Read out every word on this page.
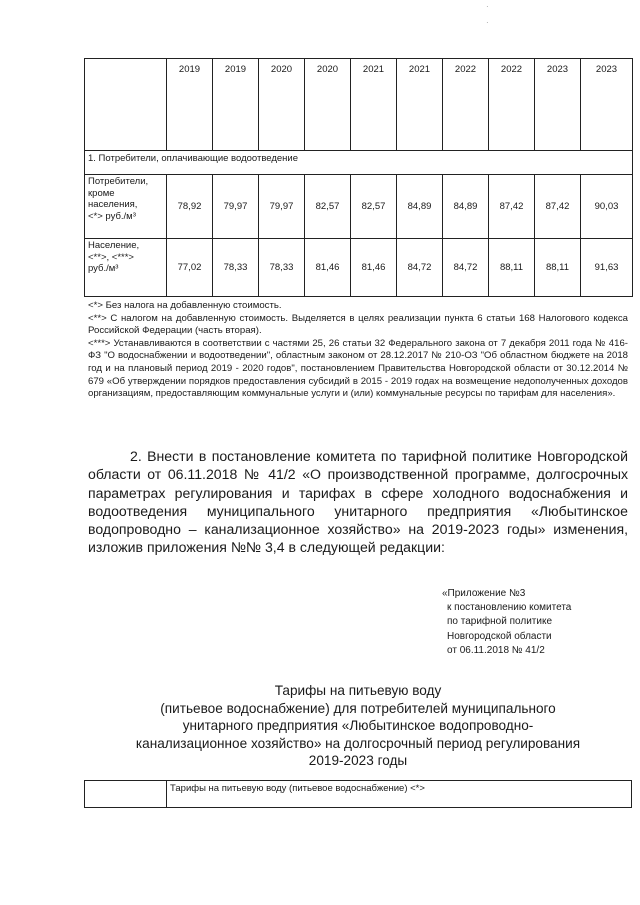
·
·
	2019	2019	2020	2020	2021	2021	2022	2022	2023	2023
1. Потребители, оплачивающие водоотведение										

Потребители,
кроме
населения,
<*> руб./м³	78,92	79,97	79,97	82,57	82,57	84,89	84,89	87,42	87,42	90,03

Население,
<**>, <***>
руб./м³	77,02	78,33	78,33	81,46	81,46	84,72	84,72	88,11	88,11	91,63

<*> Без налога на добавленную стоимость.

<**> С налогом на добавленную стоимость. Выделяется в целях реализации пункта 6 статьи 168 Налогового кодекса Российской Федерации (часть вторая).

<***> Устанавливаются в соответствии с частями 25, 26 статьи 32 Федерального закона от 7 декабря 2011 года № 416-ФЗ "О водоснабжении и водоотведении", областным законом от 28.12.2017 № 210-ОЗ "Об областном бюджете на 2018 год и на плановый период 2019 - 2020 годов", постановлением Правительства Новгородской области от 30.12.2014 № 679 «Об утверждении порядков предоставления субсидий в 2015 - 2019 годах на возмещение недополученных доходов организациям, предоставляющим коммунальные услуги и (или) коммунальные ресурсы по тарифам для населения».

2. Внести в постановление комитета по тарифной политике Новгородской области от 06.11.2018 № 41/2 «О производственной программе, долгосрочных параметрах регулирования и тарифах в сфере холодного водоснабжения и водоотведения муниципального унитарного предприятия «Любытинское водопроводно – канализационное хозяйство» на 2019-2023 годы» изменения, изложив приложения №№ 3,4 в следующей редакции:
«Приложение №3
к постановлению комитета
по тарифной политике
Новгородской области
от 06.11.2018 № 41/2
Тарифы на питьевую воду
(питьевое водоснабжение) для потребителей муниципального
унитарного предприятия «Любытинское водопроводно-
канализационное хозяйство» на долгосрочный период регулирования
2019-2023 годы
	Тарифы на питьевую воду (питьевое водоснабжение) <*>
